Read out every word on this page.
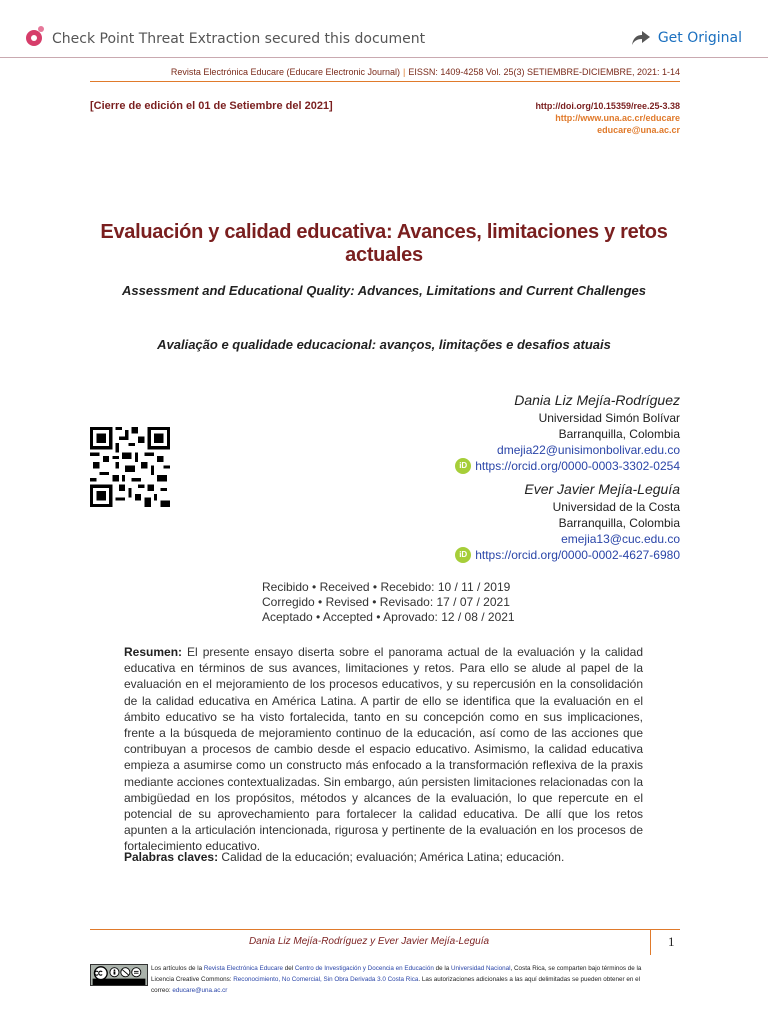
Check Point Threat Extraction secured this document	Get Original
Revista Electrónica Educare (Educare Electronic Journal) | EISSN: 1409-4258 Vol. 25(3) SETIEMBRE-DICIEMBRE, 2021: 1-14
[Cierre de edición el 01 de Setiembre del 2021]	http://doi.org/10.15359/ree.25-3.38
http://www.una.ac.cr/educare
educare@una.ac.cr
Evaluación y calidad educativa: Avances, limitaciones y retos actuales
Assessment and Educational Quality: Advances, Limitations and Current Challenges
Avaliação e qualidade educacional: avanços, limitações e desafios atuais
Dania Liz Mejía-Rodríguez
Universidad Simón Bolívar
Barranquilla, Colombia
dmejia22@unisimonbolivar.edu.co
iD https://orcid.org/0000-0003-3302-0254
Ever Javier Mejía-Leguía
Universidad de la Costa
Barranquilla, Colombia
emejia13@cuc.edu.co
iD https://orcid.org/0000-0002-4627-6980
Recibido • Received • Recebido: 10 / 11 / 2019
Corregido • Revised • Revisado: 17 / 07 / 2021
Aceptado • Accepted • Aprovado: 12 / 08 / 2021
Resumen: El presente ensayo diserta sobre el panorama actual de la evaluación y la calidad educativa en términos de sus avances, limitaciones y retos. Para ello se alude al papel de la evaluación en el mejoramiento de los procesos educativos, y su repercusión en la consolidación de la calidad educativa en América Latina. A partir de ello se identifica que la evaluación en el ámbito educativo se ha visto fortalecida, tanto en su concepción como en sus implicaciones, frente a la búsqueda de mejoramiento continuo de la educación, así como de las acciones que contribuyan a procesos de cambio desde el espacio educativo. Asimismo, la calidad educativa empieza a asumirse como un constructo más enfocado a la transformación reflexiva de la praxis mediante acciones contextualizadas. Sin embargo, aún persisten limitaciones relacionadas con la ambigüedad en los propósitos, métodos y alcances de la evaluación, lo que repercute en el potencial de su aprovechamiento para fortalecer la calidad educativa. De allí que los retos apunten a la articulación intencionada, rigurosa y pertinente de la evaluación en los procesos de fortalecimiento educativo.
Palabras claves: Calidad de la educación; evaluación; América Latina; educación.
Dania Liz Mejía-Rodríguez y Ever Javier Mejía-Leguía	1
Los artículos de la Revista Electrónica Educare del Centro de Investigación y Docencia en Educación de la Universidad Nacional, Costa Rica, se comparten bajo términos de la Licencia Creative Commons: Reconocimiento, No Comercial, Sin Obra Derivada 3.0 Costa Rica. Las autorizaciones adicionales a las aquí delimitadas se pueden obtener en el correo: educare@una.ac.cr
